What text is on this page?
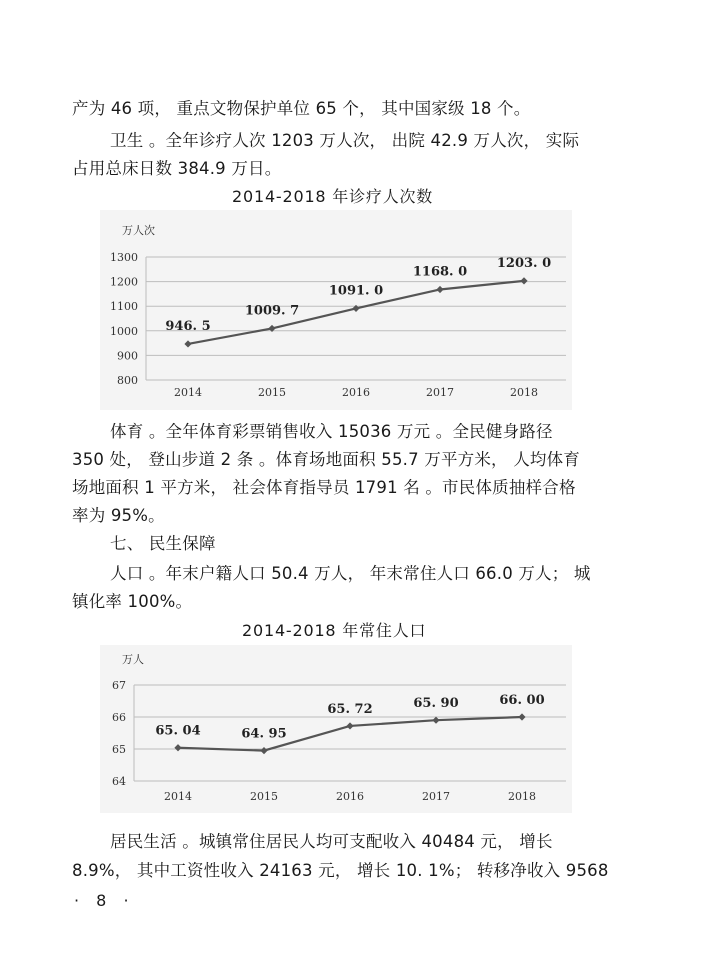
产为 46 项， 重点文物保护单位 65 个， 其中国家级 18 个。
卫生 。全年诊疗人次 1203 万人次， 出院 42.9 万人次， 实际
占用总床日数 384.9 万日。
2014-2018 年诊疗人次数
万人次
800
900
1000
1100
1200
1300
2014	2015	2016	2017	2018
946. 5
1009. 7
1091. 0
1168. 0
1203. 0
体育 。全年体育彩票销售收入 15036 万元 。全民健身路径
350 处， 登山步道 2 条 。体育场地面积 55.7 万平方米， 人均体育
场地面积 1 平方米， 社会体育指导员 1791 名 。市民体质抽样合格
率为 95%。
七、 民生保障
人口 。年末户籍人口 50.4 万人， 年末常住人口 66.0 万人； 城
镇化率 100%。
2014-2018 年常住人口
万人
64
65
66
67
2014	2015	2016	2017	2018
65. 04	64. 95
65. 72	65. 90	66. 00
居民生活 。城镇常住居民人均可支配收入 40484 元， 增长
8.9%， 其中工资性收入 24163 元， 增长 10. 1%； 转移净收入 9568
· 8 ·
